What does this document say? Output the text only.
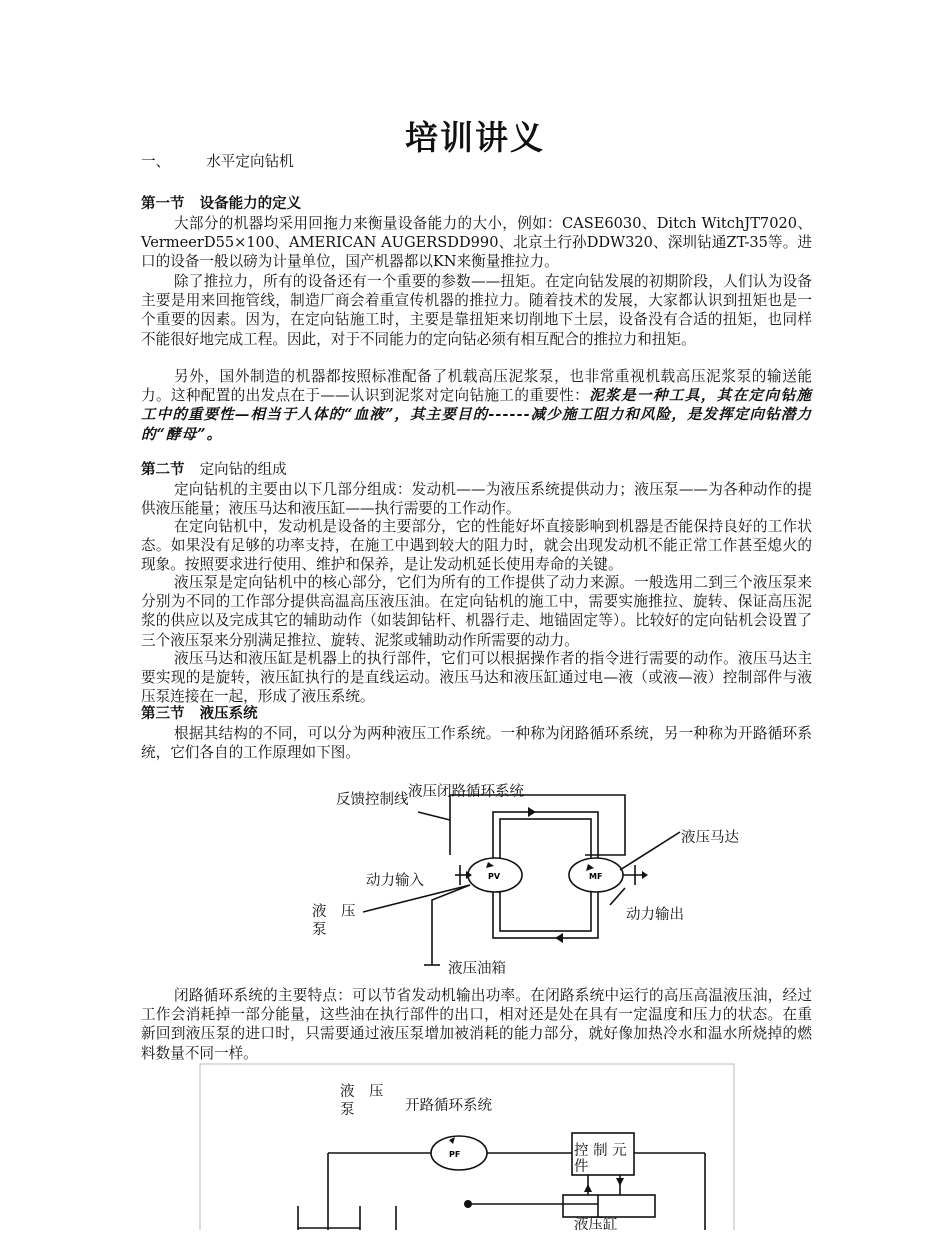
培训讲义
一、 水平定向钻机
第一节 设备能力的定义
大部分的机器均采用回拖力来衡量设备能力的大小，例如：CASE6030、Ditch WitchJT7020、VermeerD55×100、AMERICAN AUGERSDD990、北京土行孙DDW320、深圳钻通ZT-35等。进口的设备一般以磅为计量单位，国产机器都以KN来衡量推拉力。
除了推拉力，所有的设备还有一个重要的参数——扭矩。在定向钻发展的初期阶段，人们认为设备主要是用来回拖管线，制造厂商会着重宣传机器的推拉力。随着技术的发展，大家都认识到扭矩也是一个重要的因素。因为，在定向钻施工时，主要是靠扭矩来切削地下土层，设备没有合适的扭矩，也同样不能很好地完成工程。因此，对于不同能力的定向钻必须有相互配合的推拉力和扭矩。
另外，国外制造的机器都按照标准配备了机载高压泥浆泵，也非常重视机载高压泥浆泵的输送能力。这种配置的出发点在于——认识到泥浆对定向钻施工的重要性：泥浆是一种工具，其在定向钻施工中的重要性—相当于人体的“血液”，其主要目的------减少施工阻力和风险，是发挥定向钻潜力的“酵母”。
第二节 定向钻的组成
定向钻机的主要由以下几部分组成：发动机——为液压系统提供动力；液压泵——为各种动作的提供液压能量；液压马达和液压缸——执行需要的工作动作。
在定向钻机中，发动机是设备的主要部分，它的性能好坏直接影响到机器是否能保持良好的工作状态。如果没有足够的功率支持，在施工中遇到较大的阻力时，就会出现发动机不能正常工作甚至熄火的现象。按照要求进行使用、维护和保养，是让发动机延长使用寿命的关键。
液压泵是定向钻机中的核心部分，它们为所有的工作提供了动力来源。一般选用二到三个液压泵来分别为不同的工作部分提供高温高压液压油。在定向钻机的施工中，需要实施推拉、旋转、保证高压泥浆的供应以及完成其它的辅助动作（如装卸钻杆、机器行走、地锚固定等）。比较好的定向钻机会设置了三个液压泵来分别满足推拉、旋转、泥浆或辅助动作所需要的动力。
液压马达和液压缸是机器上的执行部件，它们可以根据操作者的指令进行需要的动作。液压马达主要实现的是旋转，液压缸执行的是直线运动。液压马达和液压缸通过电—液（或液—液）控制部件与液压泵连接在一起，形成了液压系统。
第三节 液压系统
根据其结构的不同，可以分为两种液压工作系统。一种称为闭路循环系统，另一种称为开路循环系统，它们各自的工作原理如下图。
PV	MF
液压闭路循环系统
反馈控制线
液压马达
动力输入
液　压泵
动力输出
液压油箱
闭路循环系统的主要特点：可以节省发动机输出功率。在闭路系统中运行的高压高温液压油，经过工作会消耗掉一部分能量，这些油在执行部件的出口，相对还是处在具有一定温度和压力的状态。在重新回到液压泵的进口时，只需要通过液压泵增加被消耗的能力部分，就好像加热冷水和温水所烧掉的燃料数量不同一样。
PF
液　压泵	开路循环系统
控 制 元件
液压缸
